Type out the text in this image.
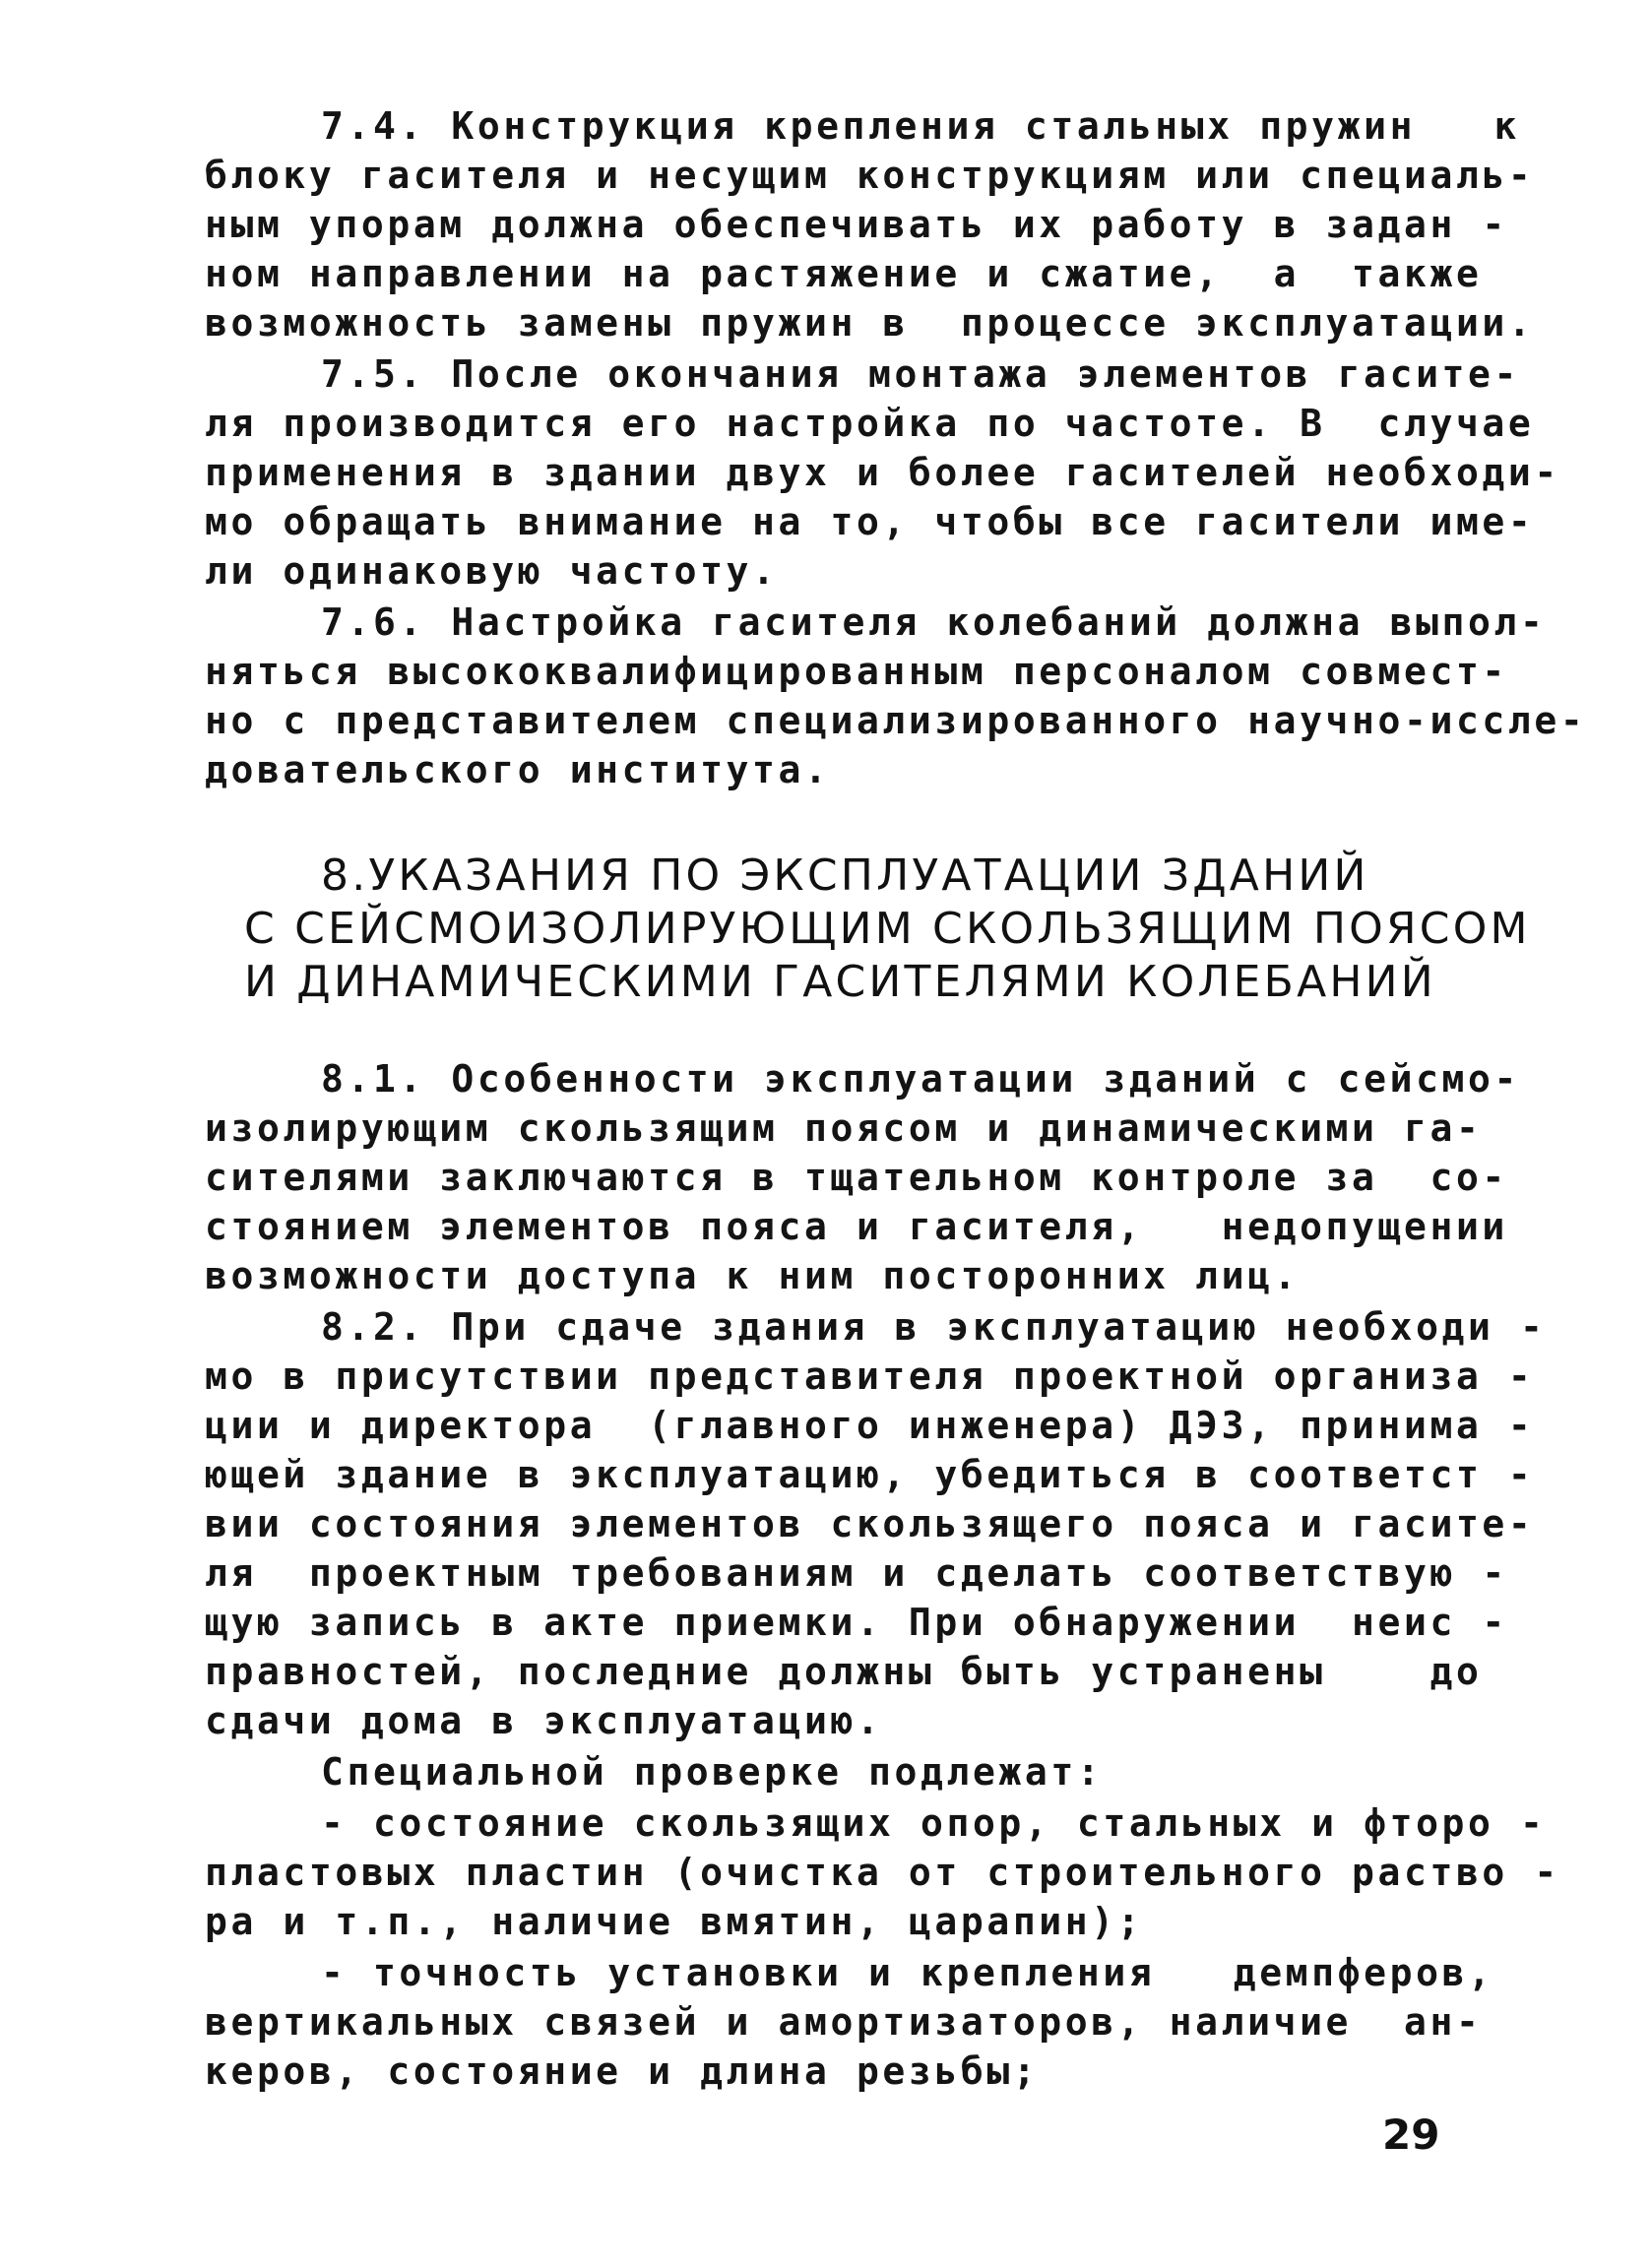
7.4. Конструкция крепления стальных пружин   к
блоку гасителя и несущим конструкциям или специаль-
ным упорам должна обеспечивать их работу в задан -
ном направлении на растяжение и сжатие,  а  также
возможность замены пружин в  процессе эксплуатации.
7.5. После окончания монтажа элементов гасите-
ля производится его настройка по частоте. В  случае
применения в здании двух и более гасителей необходи-
мо обращать внимание на то, чтобы все гасители име-
ли одинаковую частоту.
7.6. Настройка гасителя колебаний должна выпол-
няться высококвалифицированным персоналом совмест-
но с представителем специализированного научно-иссле-
довательского института.
8.УКАЗАНИЯ ПО ЭКСПЛУАТАЦИИ ЗДАНИЙ
С СЕЙСМОИЗОЛИРУЮЩИМ СКОЛЬЗЯЩИМ ПОЯСОМ
И ДИНАМИЧЕСКИМИ ГАСИТЕЛЯМИ КОЛЕБАНИЙ
8.1. Особенности эксплуатации зданий с сейсмо-
изолирующим скользящим поясом и динамическими га-
сителями заключаются в тщательном контроле за  со-
стоянием элементов пояса и гасителя,   недопущении
возможности доступа к ним посторонних лиц.
8.2. При сдаче здания в эксплуатацию необходи -
мо в присутствии представителя проектной организа -
ции и директора  (главного инженера) ДЭЗ, принима -
ющей здание в эксплуатацию, убедиться в соответст -
вии состояния элементов скользящего пояса и гасите-
ля  проектным требованиям и сделать соответствую -
щую запись в акте приемки. При обнаружении  неис -
правностей, последние должны быть устранены    до
сдачи дома в эксплуатацию.
Специальной проверке подлежат:
- состояние скользящих опор, стальных и фторо -
пластовых пластин (очистка от строительного раство -
ра и т.п., наличие вмятин, царапин);
- точность установки и крепления   демпферов,
вертикальных связей и амортизаторов, наличие  ан-
керов, состояние и длина резьбы;
29
